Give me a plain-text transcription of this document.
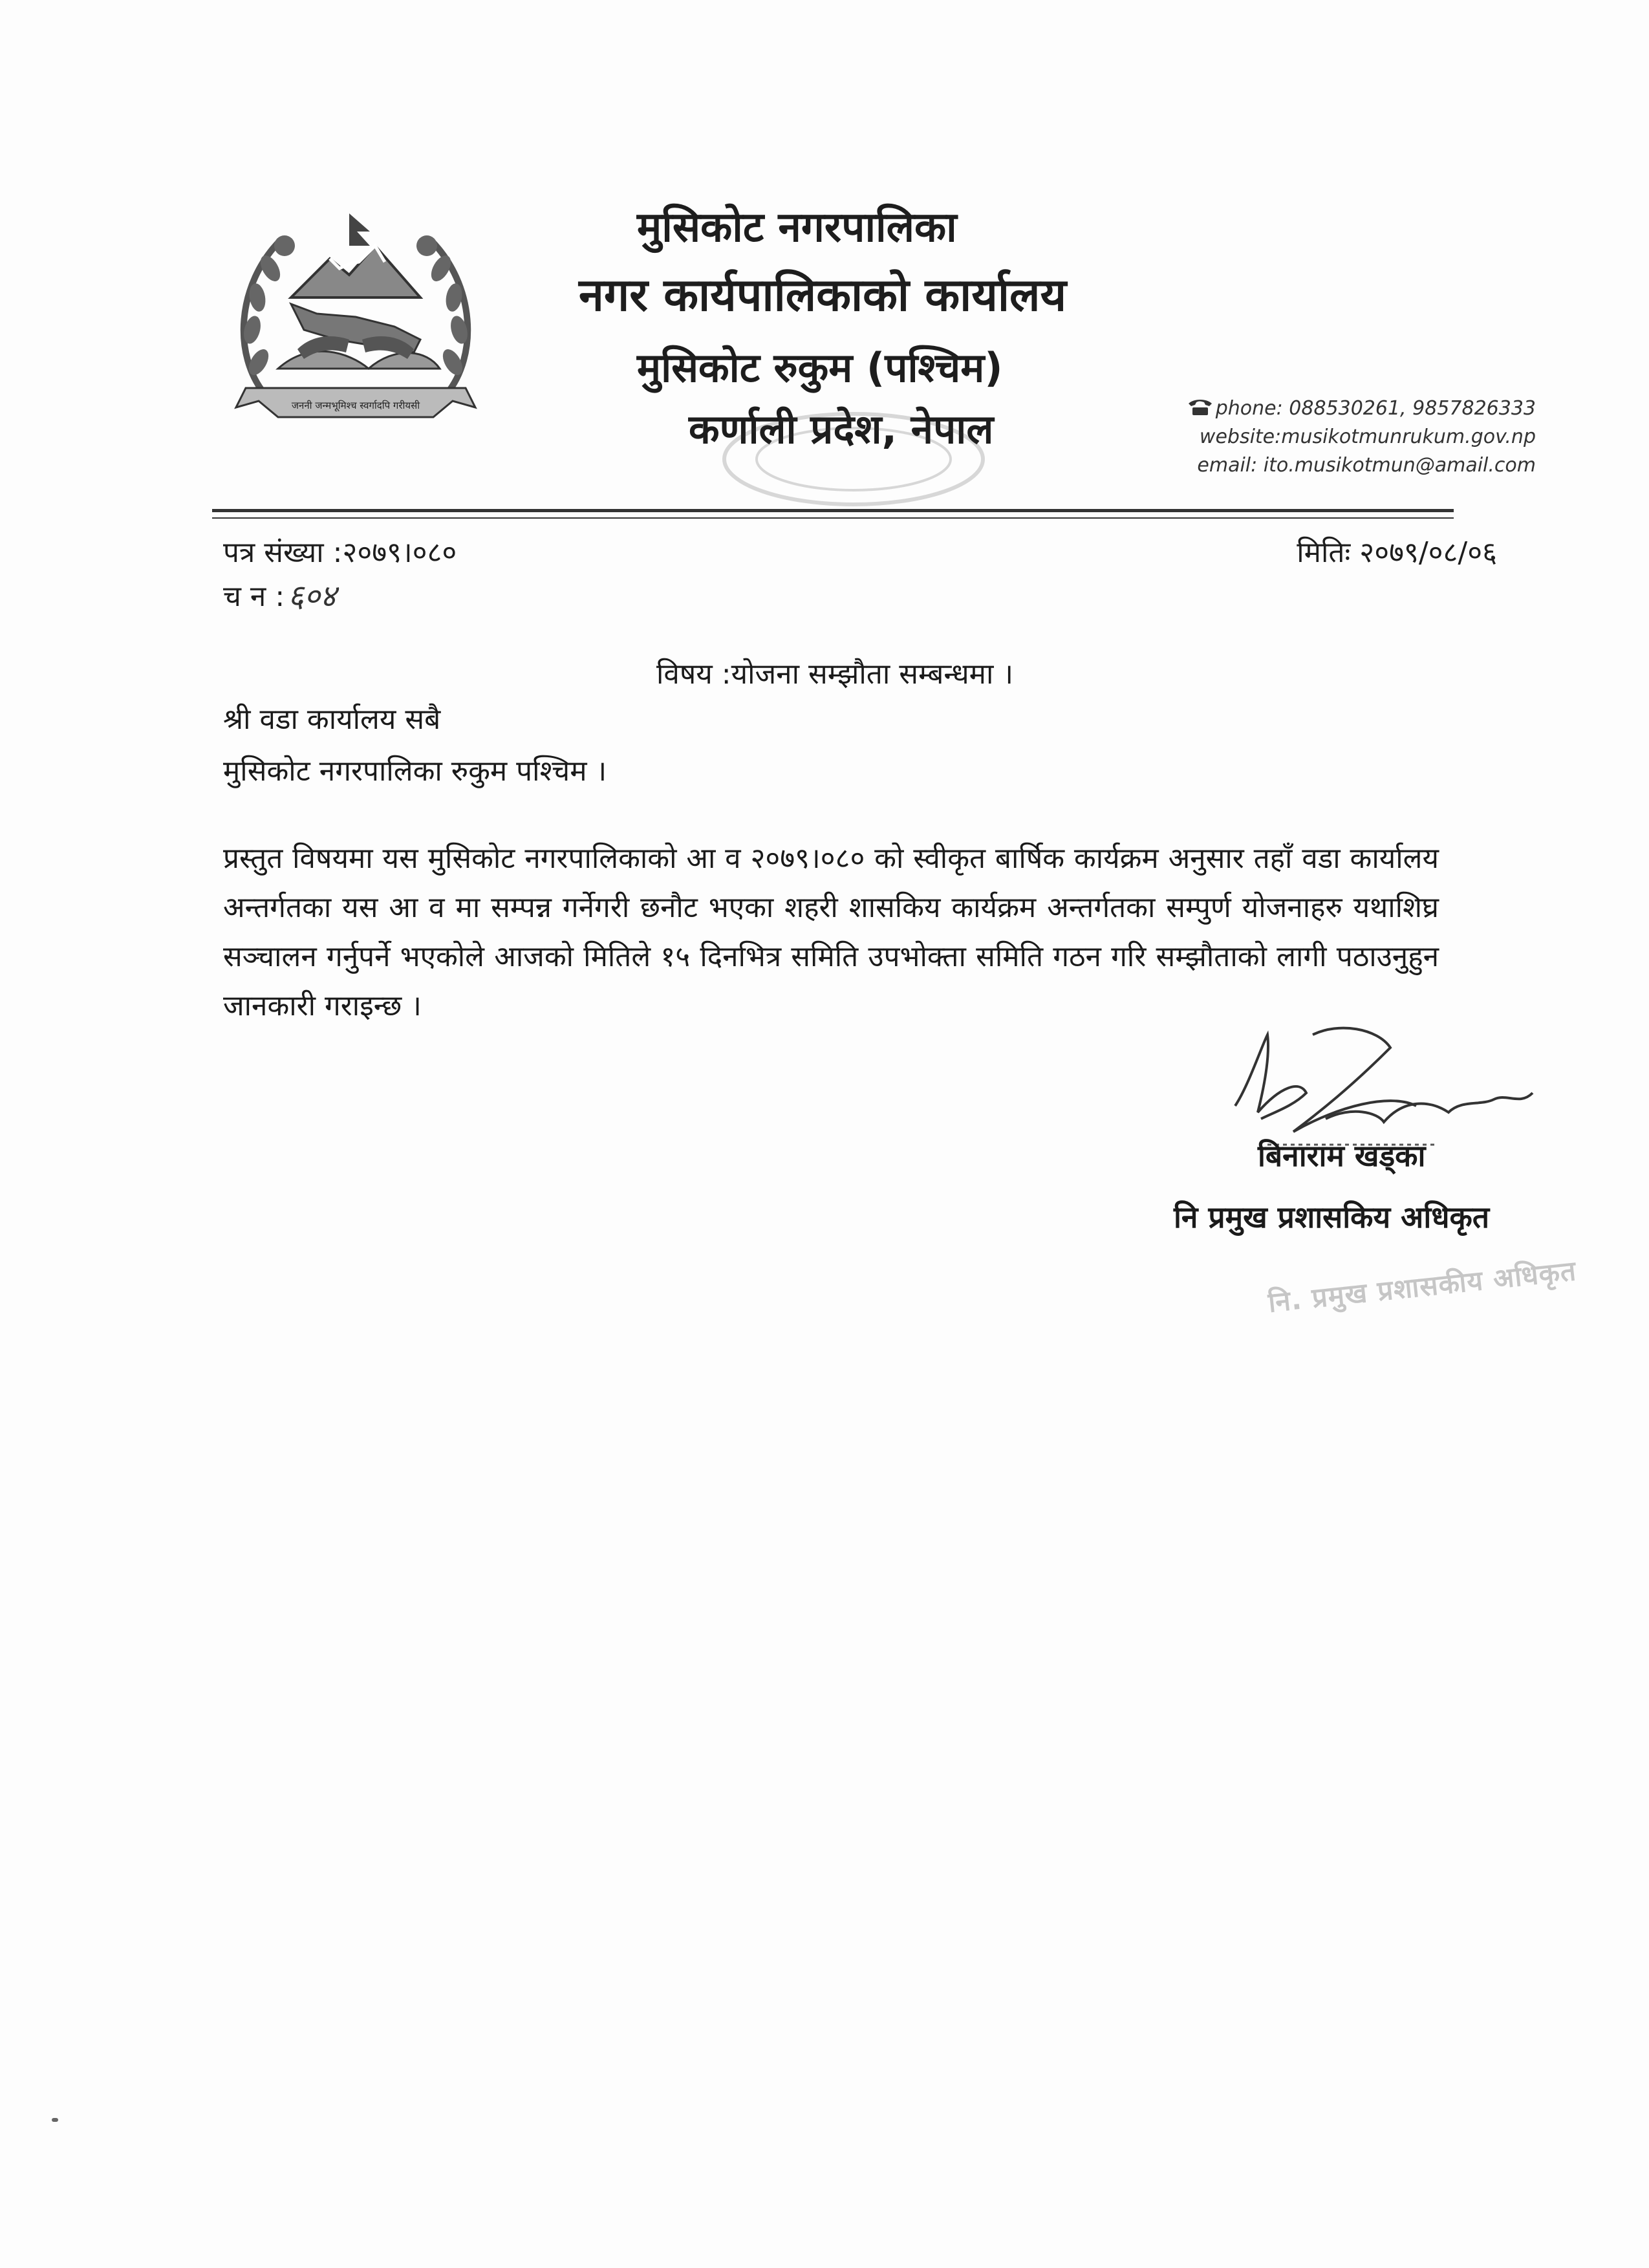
जननी जन्मभूमिश्च स्वर्गादपि गरीयसी
मुसिकोट नगरपालिका
नगर कार्यपालिकाको कार्यालय
मुसिकोट रुकुम (पश्चिम)
कर्णाली प्रदेश, नेपाल	phone: 088530261, 9857826333
website:musikotmunrukum.gov.np
email: ito.musikotmun@amail.com
पत्र संख्या :२०७९।०८०
च न : ६०४
मितिः २०७९/०८/०६
विषय :योजना सम्झौता सम्बन्धमा ।
श्री वडा कार्यालय सबै
मुसिकोट नगरपालिका रुकुम पश्चिम ।
प्रस्तुत विषयमा यस मुसिकोट नगरपालिकाको आ व २०७९।०८० को स्वीकृत बार्षिक कार्यक्रम अनुसार तहाँ वडा कार्यालय अन्तर्गतका यस आ व मा सम्पन्न गर्नेगरी छनौट भएका शहरी शासकिय कार्यक्रम अन्तर्गतका सम्पुर्ण योजनाहरु यथाशिघ्र सञ्चालन गर्नुपर्ने भएकोले आजको मितिले १५ दिनभित्र समिति उपभोक्ता समिति गठन गरि सम्झौताको लागी पठाउनुहुन जानकारी गराइन्छ ।
बिनाराम खड्का
नि प्रमुख प्रशासकिय अधिकृत
नि. प्रमुख प्रशासकीय अधिकृत
